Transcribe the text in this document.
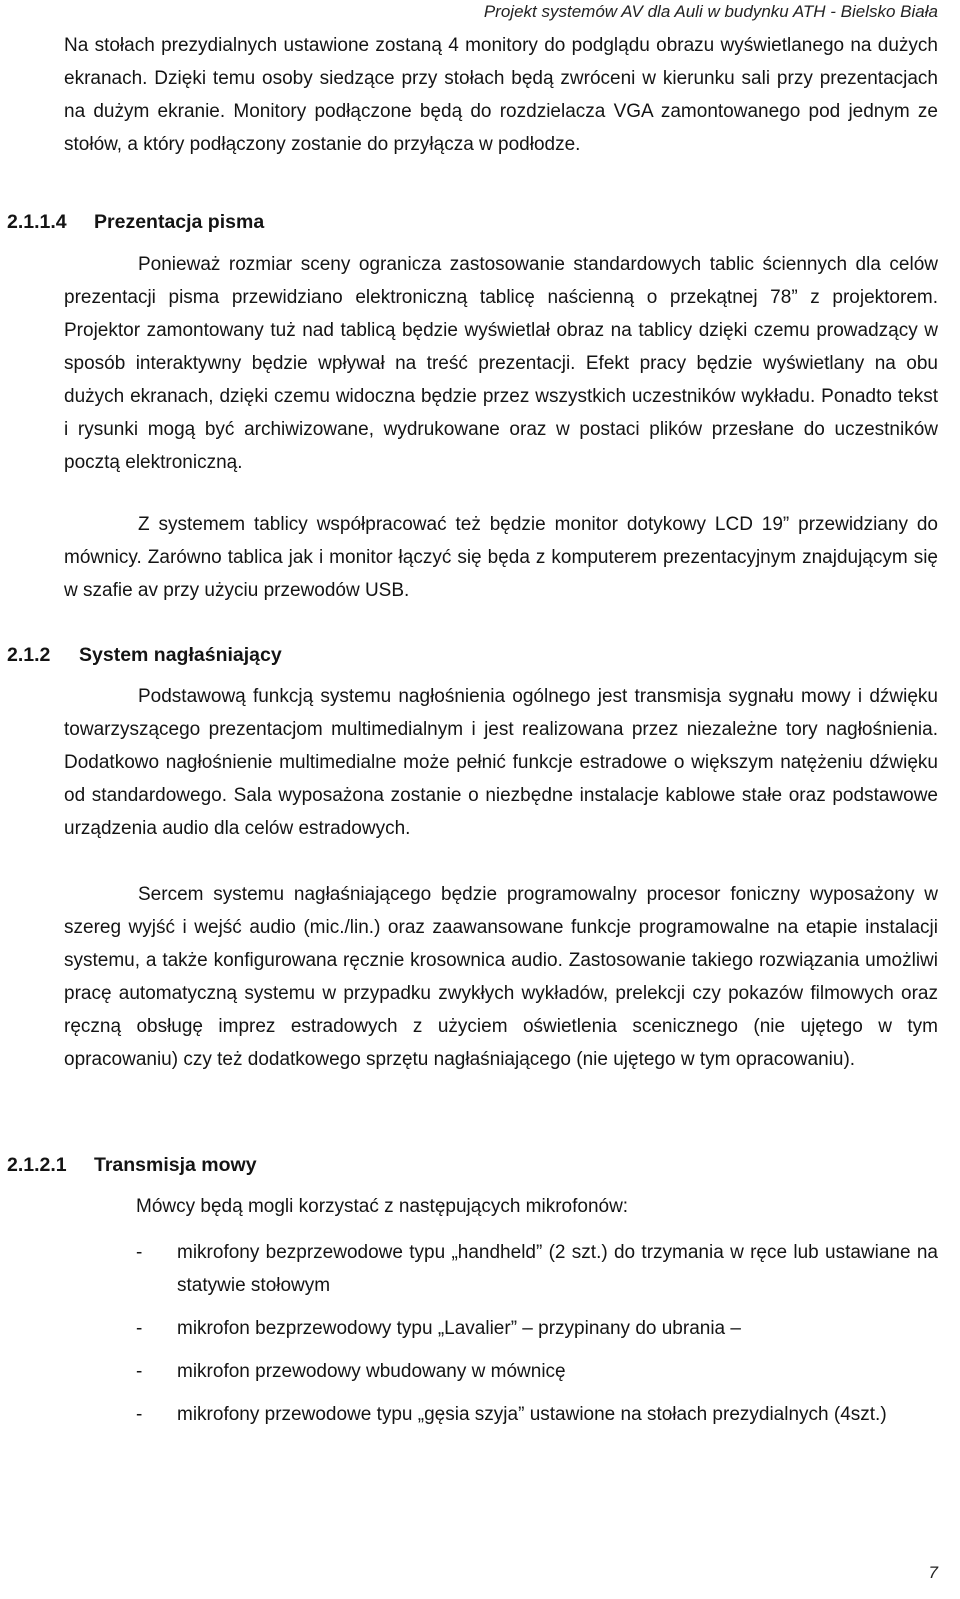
Projekt systemów AV dla Auli w budynku ATH - Bielsko Biała

Na stołach prezydialnych ustawione zostaną 4 monitory do podglądu obrazu wyświetlanego na dużych ekranach. Dzięki temu osoby siedzące przy stołach będą zwróceni w kierunku sali przy prezentacjach na dużym ekranie. Monitory podłączone będą do rozdzielacza VGA zamontowanego pod jednym ze stołów, a który podłączony zostanie do przyłącza w podłodze.

2.1.1.4 Prezentacja pisma

Ponieważ rozmiar sceny ogranicza zastosowanie standardowych tablic ściennych dla celów prezentacji pisma przewidziano elektroniczną tablicę naścienną o przekątnej 78” z projektorem. Projektor zamontowany tuż nad tablicą będzie wyświetlał obraz na tablicy dzięki czemu prowadzący w sposób interaktywny będzie wpływał na treść prezentacji. Efekt pracy będzie wyświetlany na obu dużych ekranach, dzięki czemu widoczna będzie przez wszystkich uczestników wykładu. Ponadto tekst i rysunki mogą być archiwizowane, wydrukowane oraz w postaci plików przesłane do uczestników pocztą elektroniczną.

Z systemem tablicy współpracować też będzie monitor dotykowy LCD 19” przewidziany do mównicy. Zarówno tablica jak i monitor łączyć się będa z komputerem prezentacyjnym znajdującym się w szafie av przy użyciu przewodów USB.

2.1.2 System nagłaśniający

Podstawową funkcją systemu nagłośnienia ogólnego jest transmisja sygnału mowy i dźwięku towarzyszącego prezentacjom multimedialnym i jest realizowana przez niezależne tory nagłośnienia. Dodatkowo nagłośnienie multimedialne może pełnić funkcje estradowe o większym natężeniu dźwięku od standardowego. Sala wyposażona zostanie o niezbędne instalacje kablowe stałe oraz podstawowe urządzenia audio dla celów estradowych.

Sercem systemu nagłaśniającego będzie programowalny procesor foniczny wyposażony w szereg wyjść i wejść audio (mic./lin.) oraz zaawansowane funkcje programowalne na etapie instalacji systemu, a także konfigurowana ręcznie krosownica audio. Zastosowanie takiego rozwiązania umożliwi pracę automatyczną systemu w przypadku zwykłych wykładów, prelekcji czy pokazów filmowych oraz ręczną obsługę imprez estradowych z użyciem oświetlenia scenicznego (nie ujętego w tym opracowaniu) czy też dodatkowego sprzętu nagłaśniającego (nie ujętego w tym opracowaniu).

2.1.2.1 Transmisja mowy

Mówcy będą mogli korzystać z następujących mikrofonów:

- mikrofony bezprzewodowe typu „handheld” (2 szt.) do trzymania w ręce lub ustawiane na statywie stołowym
- mikrofon bezprzewodowy typu „Lavalier” – przypinany do ubrania –
- mikrofon przewodowy wbudowany w mównicę
- mikrofony przewodowe typu „gęsia szyja” ustawione na stołach prezydialnych (4szt.)
7
